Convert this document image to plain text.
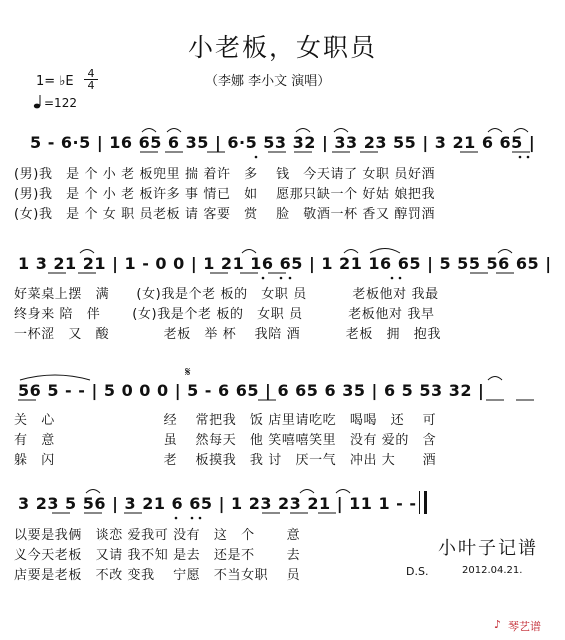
小老板，女职员
（李娜 李小文 演唱）
1= ♭E
4
4
=122
5 - 6·5 | 16 65 6 35 | 6·5 53 32 | 33 23 55 | 3 21 6 65 |
(男)我　是 个 小 老 板兜里 揣 着许　多　 钱　今天请了 女职 员好酒
(男)我　是 个 小 老 板许多 事 情已　如　 愿那只缺一个 好姑 娘把我
(女)我　是 个 女 职 员老板 请 客要　赏　 脸　敬酒一杯 香又 醇罚酒
1 3 21 21 | 1 - 0 0 | 1 21 16 65 | 1 21 16 65 | 5 55 56 65 |
好菜桌上摆　满　　(女)我是个老 板的　女职 员　　　 老板他对 我最
终身来 陪　伴　　 (女)我是个老 板的　女职 员　　　 老板他对 我早
一杯涩　又　酸　　　　老板　举 杯　 我陪 酒　　　 老板　拥　抱我
𝄋
56 5 - - | 5 0 0 0 | 5 - 6 65 | 6 65 6 35 | 6 5 53 32 |
关　心　　　　　　　　经　 常把我　饭 店里请吃吃　喝喝　还　 可
有　意　　　　　　　　虽　 然每天　他 笑嘻嘻笑里　没有 爱的　含
躲　闪　　　　　　　　老　 板摸我　我 讨　厌一气　冲出 大　　酒
3 23 5 56 | 3 21 6 65 | 1 23 23 21 | 11 1 - -
以要是我俩　谈恋 爱我可 没有　这　个　　 意
义今天老板　又请 我不知 是去　还是不　　 去
店要是老板　不改 变我　 宁愿　不当女职　 员	D.S.
小叶子记谱
2012.04.21.
♪ 琴艺谱
